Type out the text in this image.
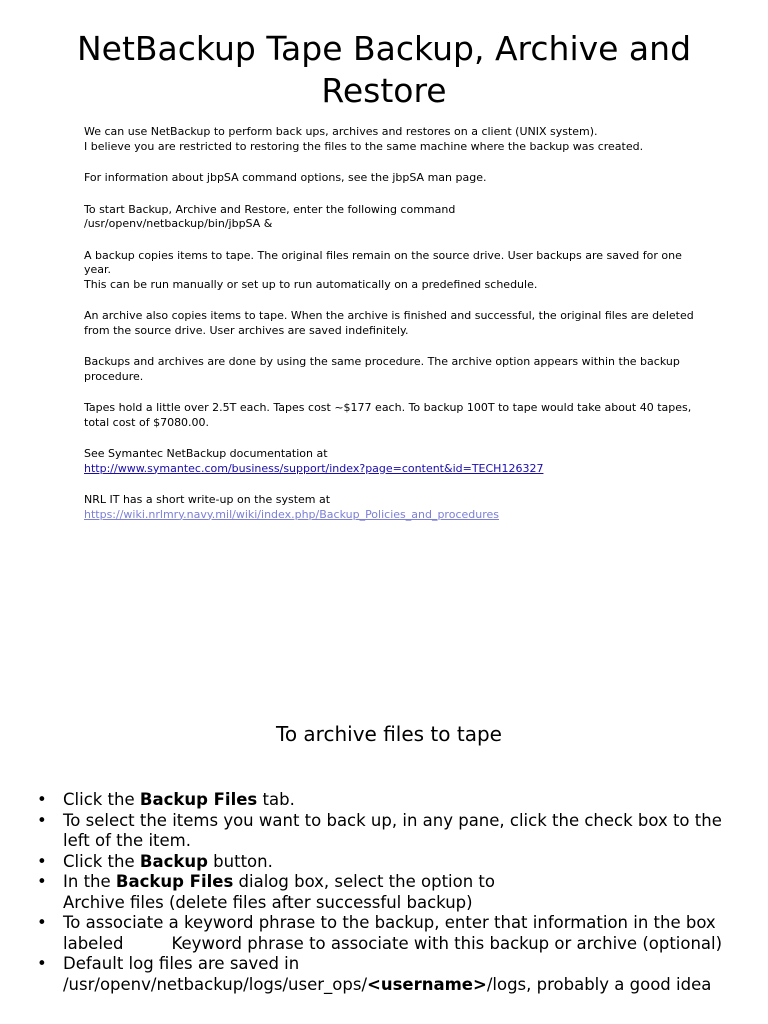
NetBackup Tape Backup, Archive and Restore

We can use NetBackup to perform back ups, archives and restores on a client (UNIX system).
I believe you are restricted to restoring the files to the same machine where the backup was created.

For information about jbpSA command options, see the jbpSA man page.

To start Backup, Archive and Restore, enter the following command
/usr/openv/netbackup/bin/jbpSA &

A backup copies items to tape. The original files remain on the source drive. User backups are saved for one year.
This can be run manually or set up to run automatically on a predefined schedule.

An archive also copies items to tape. When the archive is finished and successful, the original files are deleted from the source drive. User archives are saved indefinitely.

Backups and archives are done by using the same procedure. The archive option appears within the backup procedure.

Tapes hold a little over 2.5T each. Tapes cost ~$177 each. To backup 100T to tape would take about 40 tapes, total cost of $7080.00.

See Symantec NetBackup documentation at
http://www.symantec.com/business/support/index?page=content&id=TECH126327

NRL IT has a short write-up on the system at
https://wiki.nrlmry.navy.mil/wiki/index.php/Backup_Policies_and_procedures

To archive files to tape
• Click the Backup Files tab.
• To select the items you want to back up, in any pane, click the check box to the left of the item.
• Click the Backup button.
• In the Backup Files dialog box, select the option to
Archive files (delete files after successful backup)
• To associate a keyword phrase to the backup, enter that information in the box labeled	Keyword phrase to associate with this backup or archive (optional)
• Default log files are saved in
/usr/openv/netbackup/logs/user_ops/<username>/logs, probably a good idea
